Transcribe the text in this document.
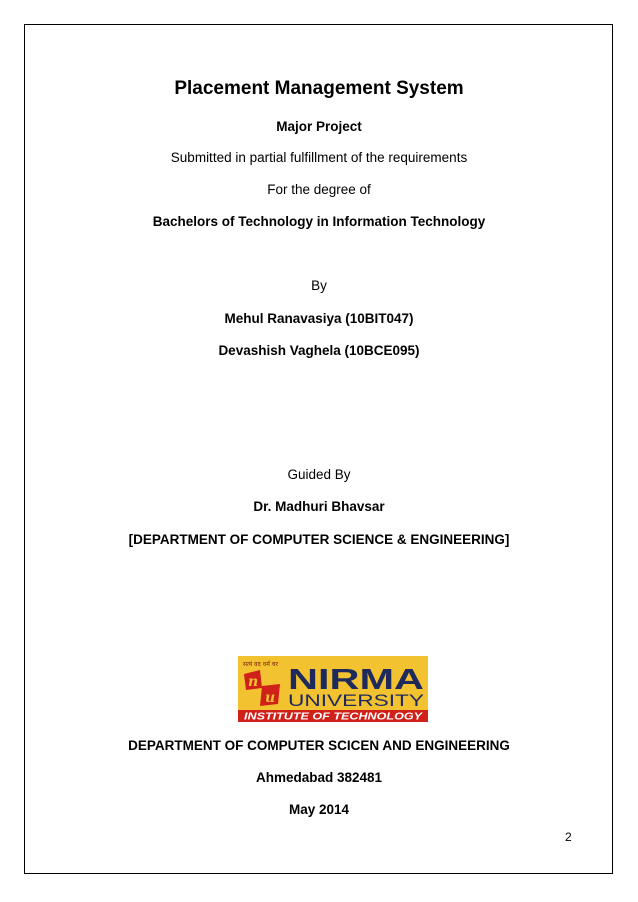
Placement Management System
Major Project
Submitted in partial fulfillment of the requirements
For the degree of
Bachelors of Technology in Information Technology
By
Mehul Ranavasiya (10BIT047)
Devashish Vaghela (10BCE095)
Guided By
Dr. Madhuri Bhavsar
[DEPARTMENT OF COMPUTER SCIENCE & ENGINEERING]
सत्यं वद धर्मं चर
n
u
NIRMA
UNIVERSITY
INSTITUTE OF TECHNOLOGY
DEPARTMENT OF COMPUTER SCICEN AND ENGINEERING
Ahmedabad 382481
May 2014
2
